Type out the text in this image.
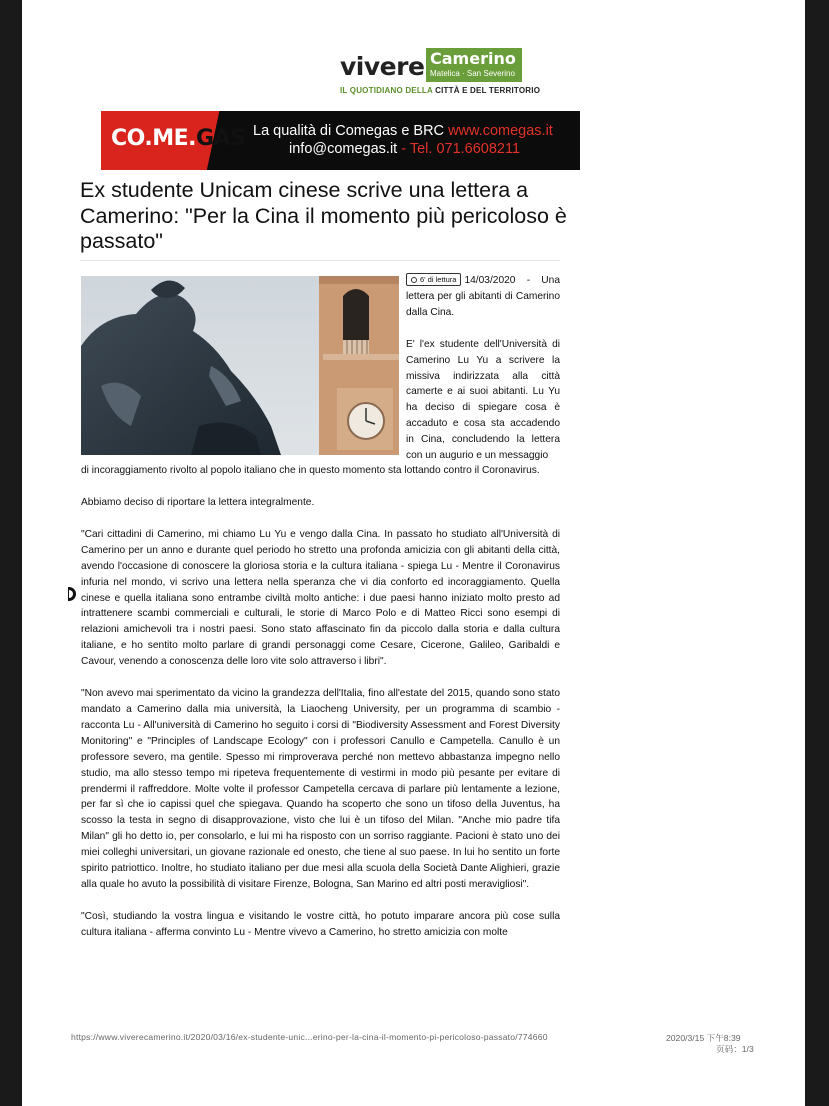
vivere Camerino
Matelica · San Severino
IL QUOTIDIANO DELLA CITTÀ E DEL TERRITORIO
CO.ME.GAS La qualità di Comegas e BRC www.comegas.it
info@comegas.it - Tel. 071.6608211
Ex studente Unicam cinese scrive una lettera a Camerino: "Per la Cina il momento più pericoloso è passato"

6' di lettura 14/03/2020 - Una lettera per gli abitanti di Camerino dalla Cina.

E' l'ex studente dell'Università di Camerino Lu Yu a scrivere la missiva indirizzata alla città camerte e ai suoi abitanti. Lu Yu ha deciso di spiegare cosa è accaduto e cosa sta accadendo in Cina, concludendo la lettera con un augurio e un messaggio

di incoraggiamento rivolto al popolo italiano che in questo momento sta lottando contro il Coronavirus.

Abbiamo deciso di riportare la lettera integralmente.

"Cari cittadini di Camerino, mi chiamo Lu Yu e vengo dalla Cina. In passato ho studiato all'Università di Camerino per un anno e durante quel periodo ho stretto una profonda amicizia con gli abitanti della città, avendo l'occasione di conoscere la gloriosa storia e la cultura italiana - spiega Lu - Mentre il Coronavirus infuria nel mondo, vi scrivo una lettera nella speranza che vi dia conforto ed incoraggiamento. Quella cinese e quella italiana sono entrambe civiltà molto antiche: i due paesi hanno iniziato molto presto ad intrattenere scambi commerciali e culturali, le storie di Marco Polo e di Matteo Ricci sono esempi di relazioni amichevoli tra i nostri paesi. Sono stato affascinato fin da piccolo dalla storia e dalla cultura italiane, e ho sentito molto parlare di grandi personaggi come Cesare, Cicerone, Galileo, Garibaldi e Cavour, venendo a conoscenza delle loro vite solo attraverso i libri".

"Non avevo mai sperimentato da vicino la grandezza dell'Italia, fino all'estate del 2015, quando sono stato mandato a Camerino dalla mia università, la Liaocheng University, per un programma di scambio - racconta Lu - All'università di Camerino ho seguito i corsi di "Biodiversity Assessment and Forest Diversity Monitoring" e "Principles of Landscape Ecology" con i professori Canullo e Campetella. Canullo è un professore severo, ma gentile. Spesso mi rimproverava perché non mettevo abbastanza impegno nello studio, ma allo stesso tempo mi ripeteva frequentemente di vestirmi in modo più pesante per evitare di prendermi il raffreddore. Molte volte il professor Campetella cercava di parlare più lentamente a lezione, per far sì che io capissi quel che spiegava. Quando ha scoperto che sono un tifoso della Juventus, ha scosso la testa in segno di disapprovazione, visto che lui è un tifoso del Milan. "Anche mio padre tifa Milan" gli ho detto io, per consolarlo, e lui mi ha risposto con un sorriso raggiante. Pacioni è stato uno dei miei colleghi universitari, un giovane razionale ed onesto, che tiene al suo paese. In lui ho sentito un forte spirito patriottico. Inoltre, ho studiato italiano per due mesi alla scuola della Società Dante Alighieri, grazie alla quale ho avuto la possibilità di visitare Firenze, Bologna, San Marino ed altri posti meravigliosi".

"Così, studiando la vostra lingua e visitando le vostre città, ho potuto imparare ancora più cose sulla cultura italiana - afferma convinto Lu - Mentre vivevo a Camerino, ho stretto amicizia con molte

https://www.viverecamerino.it/2020/03/16/ex-studente-unic...erino-per-la-cina-il-momento-pi-pericoloso-passato/774660	2020/3/15 下午8:39
页码：1/3
